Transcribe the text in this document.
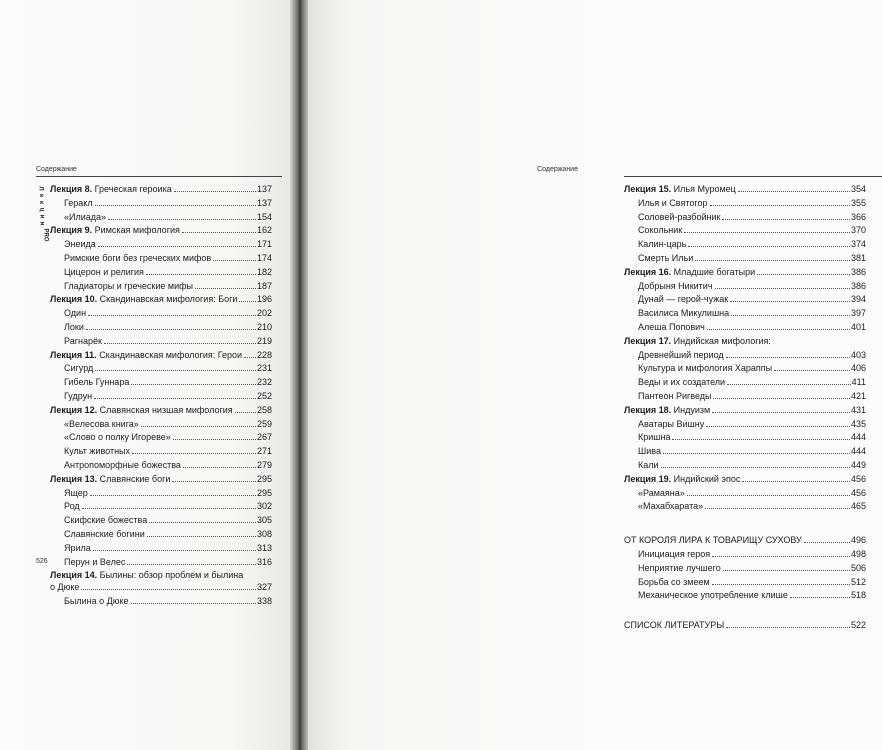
Содержание
Л
е
к
ц
и
и
PRO
Лекция 8. Греческая героика	137
Геракл	137
«Илиада»	154
Лекция 9. Римская мифология	162
Энеида	171
Римские боги без греческих мифов	174
Цицерон и религия	182
Гладиаторы и греческие мифы	187
Лекция 10. Скандинавская мифология: Боги 196
Один	202
Локи	210
Рагнарёк	219
Лекция 11. Скандинавская мифология: Герои 228
Сигурд	231
Гибель Гуннара	232
Гудрун	252
Лекция 12. Славянская низшая мифология	258
«Велесова книга»	259
«Слово о полку Игореве»	267
Культ животных	271
Антропоморфные божества	279
Лекция 13. Славянские боги	295
Ящер	295
Род	302
Скифские божества	305
Славянские богини	308
Ярила	313
Перун и Велес	316
Лекция 14. Былины: обзор проблем и былина
о Дюке	327
Былина о Дюке	338
526
Содержание
Лекция 15. Илья Муромец	354
Илья и Святогор	355
Соловей-разбойник	366
Сокольник	370
Калин-царь	374
Смерть Ильи	381
Лекция 16. Младшие богатыри	386
Добрыня Никитич	386
Дунай — герой-чужак	394
Василиса Микулишна	397
Алеша Попович	401
Лекция 17. Индийская мифология:
Древнейший период	403
Культура и мифология Хараппы	406
Веды и их создатели	411
Пантеон Ригведы	421
Лекция 18. Индуизм	431
Аватары Вишну	435
Кришна	444
Шива	444
Кали	449
Лекция 19. Индийский эпос	456
«Рамаяна»	456
«Махабхарата»	465
ОТ КОРОЛЯ ЛИРА К ТОВАРИЩУ СУХОВУ	496
Инициация героя	498
Неприятие лучшего	506
Борьба со змеем	512
Механическое употребление клише	518
СПИСОК ЛИТЕРАТУРЫ	522
